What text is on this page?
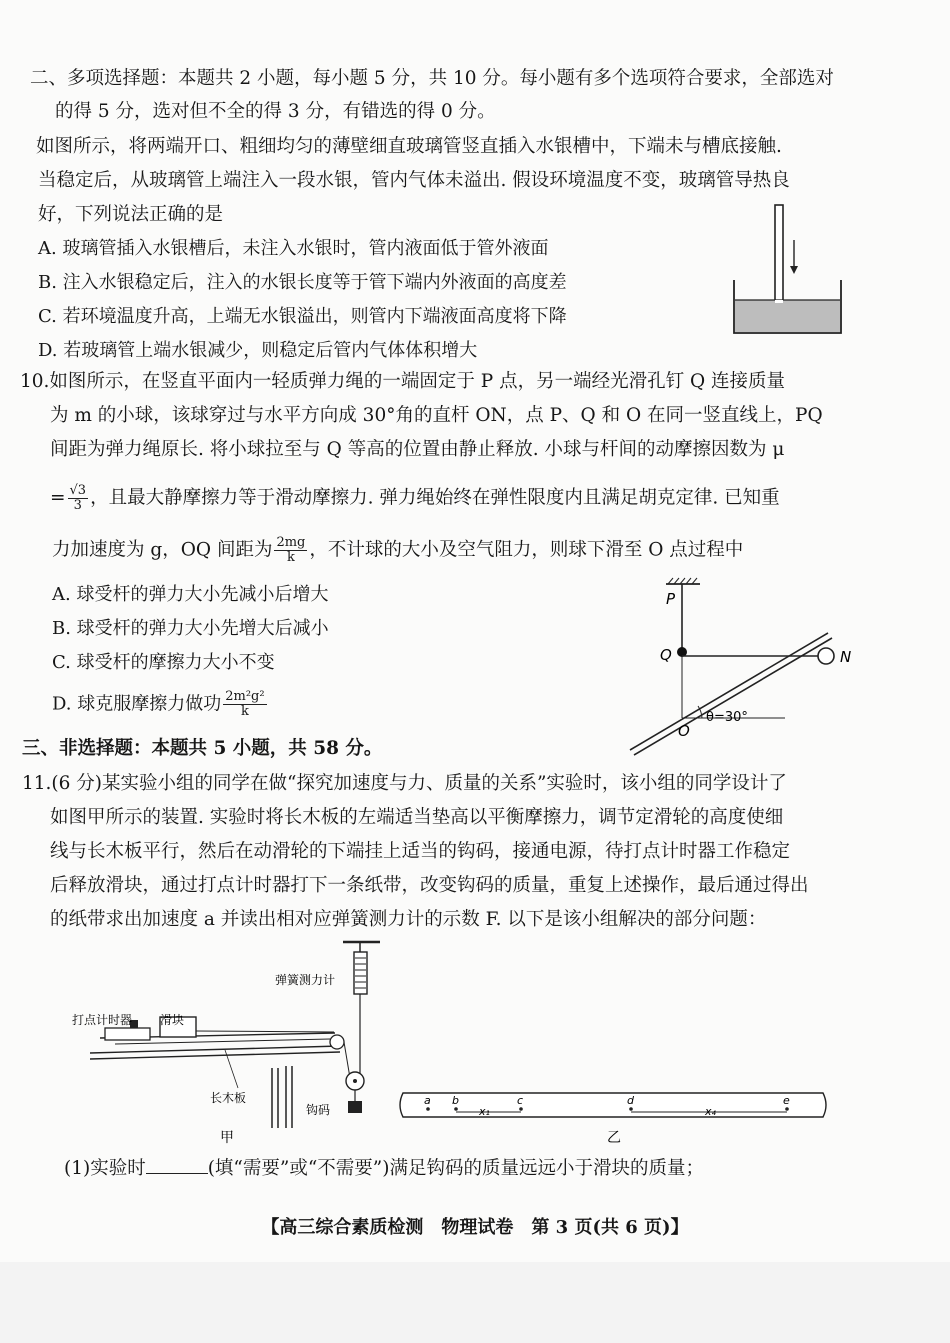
二、多项选择题：本题共 2 小题，每小题 5 分，共 10 分。每小题有多个选项符合要求，全部选对
的得 5 分，选对但不全的得 3 分，有错选的得 0 分。
如图所示，将两端开口、粗细均匀的薄壁细直玻璃管竖直插入水银槽中，下端未与槽底接触.
当稳定后，从玻璃管上端注入一段水银，管内气体未溢出. 假设环境温度不变，玻璃管导热良
好，下列说法正确的是
A. 玻璃管插入水银槽后，未注入水银时，管内液面低于管外液面
B. 注入水银稳定后，注入的水银长度等于管下端内外液面的高度差
C. 若环境温度升高，上端无水银溢出，则管内下端液面高度将下降
D. 若玻璃管上端水银减少，则稳定后管内气体体积增大
10.如图所示，在竖直平面内一轻质弹力绳的一端固定于 P 点，另一端经光滑孔钉 Q 连接质量
为 m 的小球，该球穿过与水平方向成 30°角的直杆 ON，点 P、Q 和 O 在同一竖直线上，PQ
间距为弹力绳原长. 将小球拉至与 Q 等高的位置由静止释放. 小球与杆间的动摩擦因数为 μ
= $\frac{√3}{3}$ ，且最大静摩擦力等于滑动摩擦力. 弹力绳始终在弹性限度内且满足胡克定律. 已知重
力加速度为 g，OQ 间距为 $\frac{2mg}{k}$ ，不计球的大小及空气阻力，则球下滑至 O 点过程中
A. 球受杆的弹力大小先减小后增大
B. 球受杆的弹力大小先增大后减小
C. 球受杆的摩擦力大小不变
D. 球克服摩擦力做功 $\frac{\text{2m²g²}}{k}$
P
Q	N
O
θ=30°
三、非选择题：本题共 5 小题，共 58 分。
11.(6 分)某实验小组的同学在做“探究加速度与力、质量的关系”实验时，该小组的同学设计了
如图甲所示的装置. 实验时将长木板的左端适当垫高以平衡摩擦力，调节定滑轮的高度使细
线与长木板平行，然后在动滑轮的下端挂上适当的钩码，接通电源，待打点计时器工作稳定
后释放滑块，通过打点计时器打下一条纸带，改变钩码的质量，重复上述操作，最后通过得出
的纸带求出加速度 a 并读出相对应弹簧测力计的示数 F. 以下是该小组解决的部分问题：
弹簧测力计
打点计时器 滑块
长木板
钩码
甲
a b
x₁
c	d
x₄
e
乙
(1)实验时	(填“需要”或“不需要”)满足钩码的质量远远小于滑块的质量；
【高三综合素质检测　物理试卷　第 3 页(共 6 页)】
